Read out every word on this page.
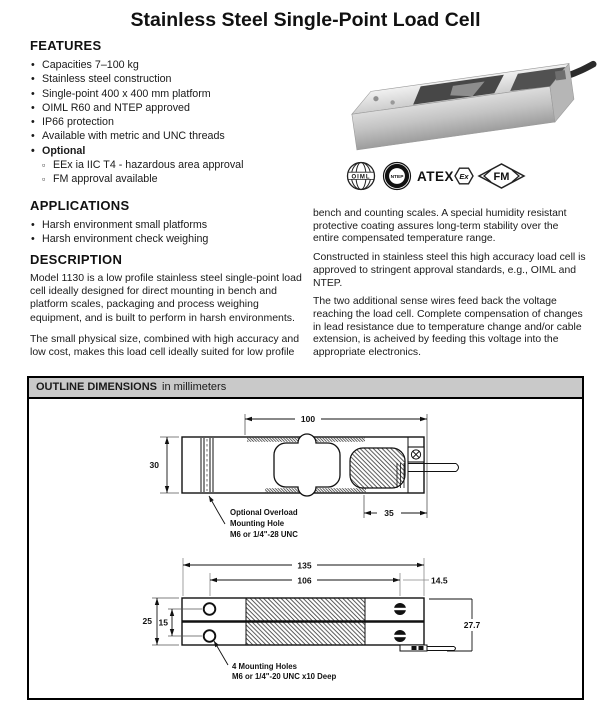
Stainless Steel Single-Point Load Cell
FEATURES
• Capacities 7–100 kg
• Stainless steel construction
• Single-point 400 x 400 mm platform
• OIML R60 and NTEP approved
• IP66 protection
• Available with metric and UNC threads
• Optional
▫ EEx ia IIC T4 - hazardous area approval
▫ FM approval available
APPLICATIONS
• Harsh environment small platforms
• Harsh environment check weighing
DESCRIPTION

Model 1130 is a low profile stainless steel single-point load cell ideally designed for direct mounting in bench and platform scales, packaging and process weighing equipment, and is built to perform in harsh environments.

The small physical size, combined with high accuracy and low cost, makes this load cell ideally suited for low profile

bench and counting scales. A special humidity resistant protective coating assures long-term stability over the entire compensated temperature range.

Constructed in stainless steel this high accuracy load cell is approved to stringent approval standards, e.g., OIML and NTEP.

The two additional sense wires feed back the voltage reaching the load cell. Complete compensation of changes in lead resistance due to temperature change and/or cable extension, is acheived by feeding this voltage into the appropriate electronics.

OIML	NTEP ATEX Ex FM
OUTLINE DIMENSIONS in millimeters
100
30
35
Optional Overload
Mounting Hole
M6 or 1/4"-28 UNC
135
106	14.5
25 15	27.7
4 Mounting Holes
M6 or 1/4"-20 UNC x10 Deep
